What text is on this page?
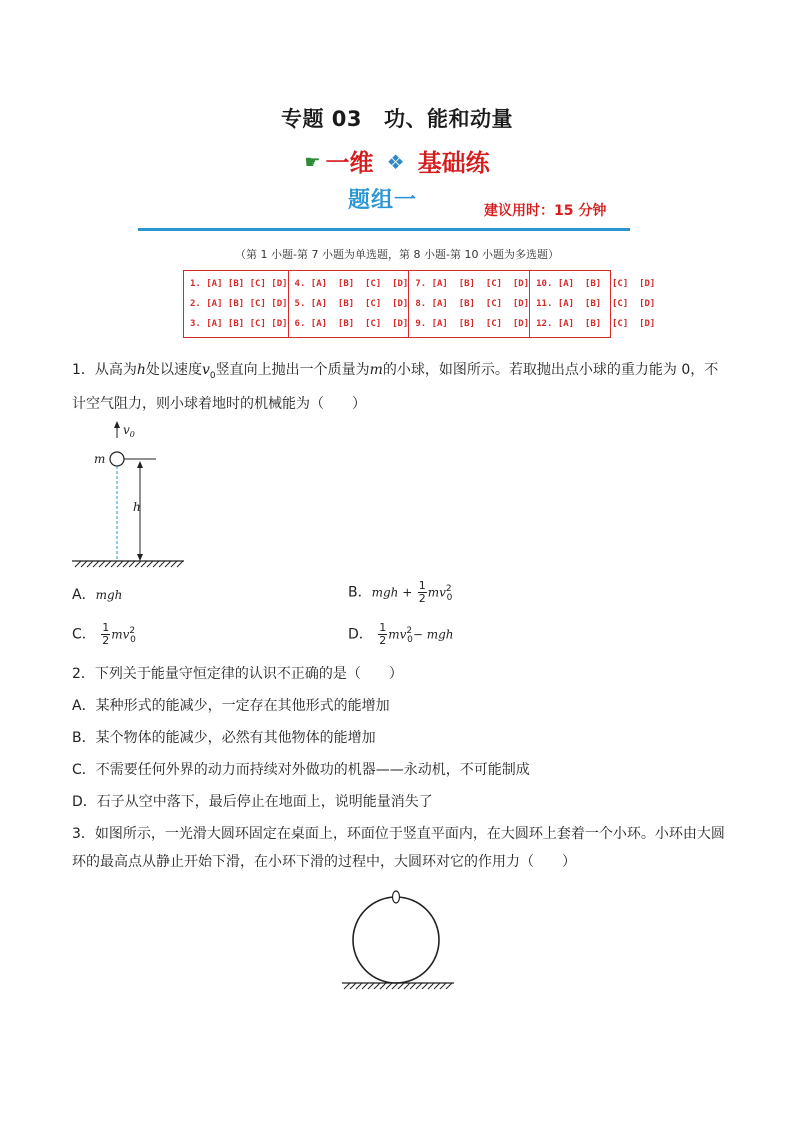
专题 03 功、能和动量
☛ 一维 ❖ 基础练
题组一	建议用时：15 分钟
（第 1 小题-第 7 小题为单选题，第 8 小题-第 10 小题为多选题）
1. [A] [B] [C] [D]
2. [A] [B] [C] [D]
3. [A] [B] [C] [D]
4. [A]  [B]  [C]  [D]
5. [A]  [B]  [C]  [D]
6. [A]  [B]  [C]  [D]
7. [A]  [B]  [C]  [D]
8. [A]  [B]  [C]  [D]
9. [A]  [B]  [C]  [D]
10. [A]  [B]  [C]  [D]
11. [A]  [B]  [C]  [D]
12. [A]  [B]  [C]  [D]
1．从高为h处以速度$v_0$竖直向上抛出一个质量为m的小球，如图所示。若取抛出点小球的重力能为 0，不
计空气阻力，则小球着地时的机械能为（　　）
$v_0$
m
h
A．mgh	B．mgh + $\frac{1}{2} mv^2_0$
C． $\frac{1}{2} mv^2_0$	D． $\frac{1}{2} mv^2_0-$ mgh
2．下列关于能量守恒定律的认识不正确的是（　　）
A．某种形式的能减少，一定存在其他形式的能增加
B．某个物体的能减少，必然有其他物体的能增加
C．不需要任何外界的动力而持续对外做功的机器——永动机，不可能制成
D．石子从空中落下，最后停止在地面上，说明能量消失了
3．如图所示，一光滑大圆环固定在桌面上，环面位于竖直平面内，在大圆环上套着一个小环。小环由大圆
环的最高点从静止开始下滑，在小环下滑的过程中，大圆环对它的作用力（　　）
